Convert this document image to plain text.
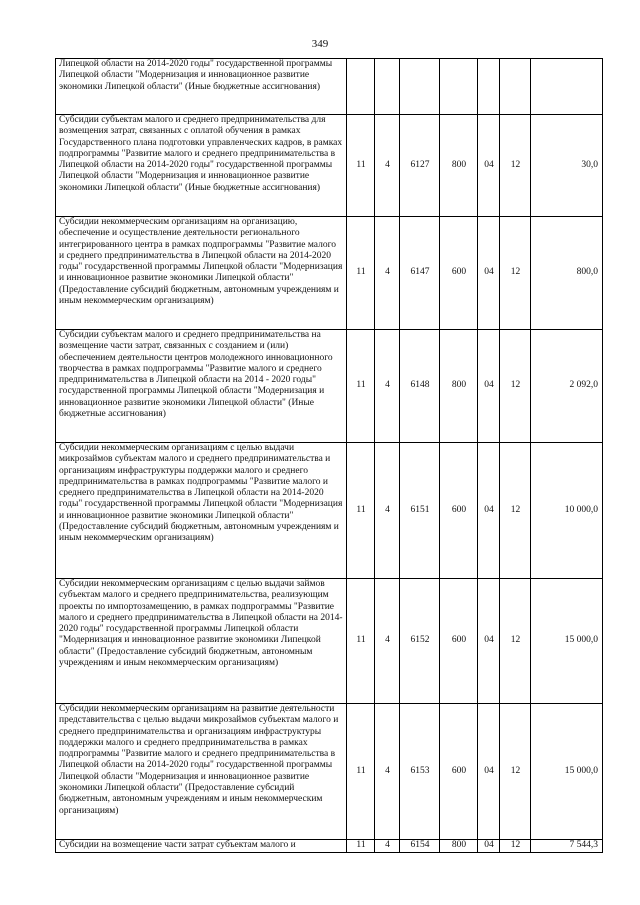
349
Липецкой области на 2014-2020 годы" государственной программы Липецкой области "Модернизация и инновационное развитие экономики Липецкой области" (Иные бюджетные ассигнования)							
Субсидии субъектам малого и среднего предпринимательства для возмещения затрат, связанных с оплатой обучения в рамках Государственного плана подготовки управленческих кадров, в рамках подпрограммы "Развитие малого и среднего предпринимательства в Липецкой области на 2014-2020 годы" государственной программы Липецкой области "Модернизация и инновационное развитие экономики Липецкой области" (Иные бюджетные ассигнования)	11	4	6127	800	04	12	30,0
Субсидии некоммерческим организациям на организацию, обеспечение и осуществление деятельности регионального интегрированного центра в рамках подпрограммы "Развитие малого и среднего предпринимательства в Липецкой области на 2014-2020 годы" государственной программы Липецкой области "Модернизация и инновационное развитие экономики Липецкой области" (Предоставление субсидий бюджетным, автономным учреждениям и иным некоммерческим организациям)	11	4	6147	600	04	12	800,0
Субсидии субъектам малого и среднего предпринимательства на возмещение части затрат, связанных с созданием и (или) обеспечением деятельности центров молодежного инновационного творчества в рамках подпрограммы "Развитие малого и среднего предпринимательства в Липецкой области на 2014 - 2020 годы" государственной программы Липецкой области "Модернизация и инновационное развитие экономики Липецкой области" (Иные бюджетные ассигнования)	11	4	6148	800	04	12	2 092,0
Субсидии некоммерческим организациям с целью выдачи микрозаймов субъектам малого и среднего предпринимательства и организациям инфраструктуры поддержки малого и среднего предпринимательства в рамках подпрограммы "Развитие малого и среднего предпринимательства в Липецкой области на 2014-2020 годы" государственной программы Липецкой области "Модернизация и инновационное развитие экономики Липецкой области" (Предоставление субсидий бюджетным, автономным учреждениям и иным некоммерческим организациям)	11	4	6151	600	04	12	10 000,0
Субсидии некоммерческим организациям с целью выдачи займов субъектам малого и среднего предпринимательства, реализующим проекты по импортозамещению, в рамках подпрограммы "Развитие малого и среднего предпринимательства в Липецкой области на 2014-2020 годы" государственной программы Липецкой области "Модернизация и инновационное развитие экономики Липецкой области" (Предоставление субсидий бюджетным, автономным учреждениям и иным некоммерческим организациям)	11	4	6152	600	04	12	15 000,0
Субсидии некоммерческим организациям на развитие деятельности представительства с целью выдачи микрозаймов субъектам малого и среднего предпринимательства и организациям инфраструктуры поддержки малого и среднего предпринимательства в рамках подпрограммы "Развитие малого и среднего предпринимательства в Липецкой области на 2014-2020 годы" государственной программы Липецкой области "Модернизация и инновационное развитие экономики Липецкой области" (Предоставление субсидий бюджетным, автономным учреждениям и иным некоммерческим организациям)	11	4	6153	600	04	12	15 000,0
Субсидии на возмещение части затрат субъектам малого и	11	4	6154	800	04	12	7 544,3
